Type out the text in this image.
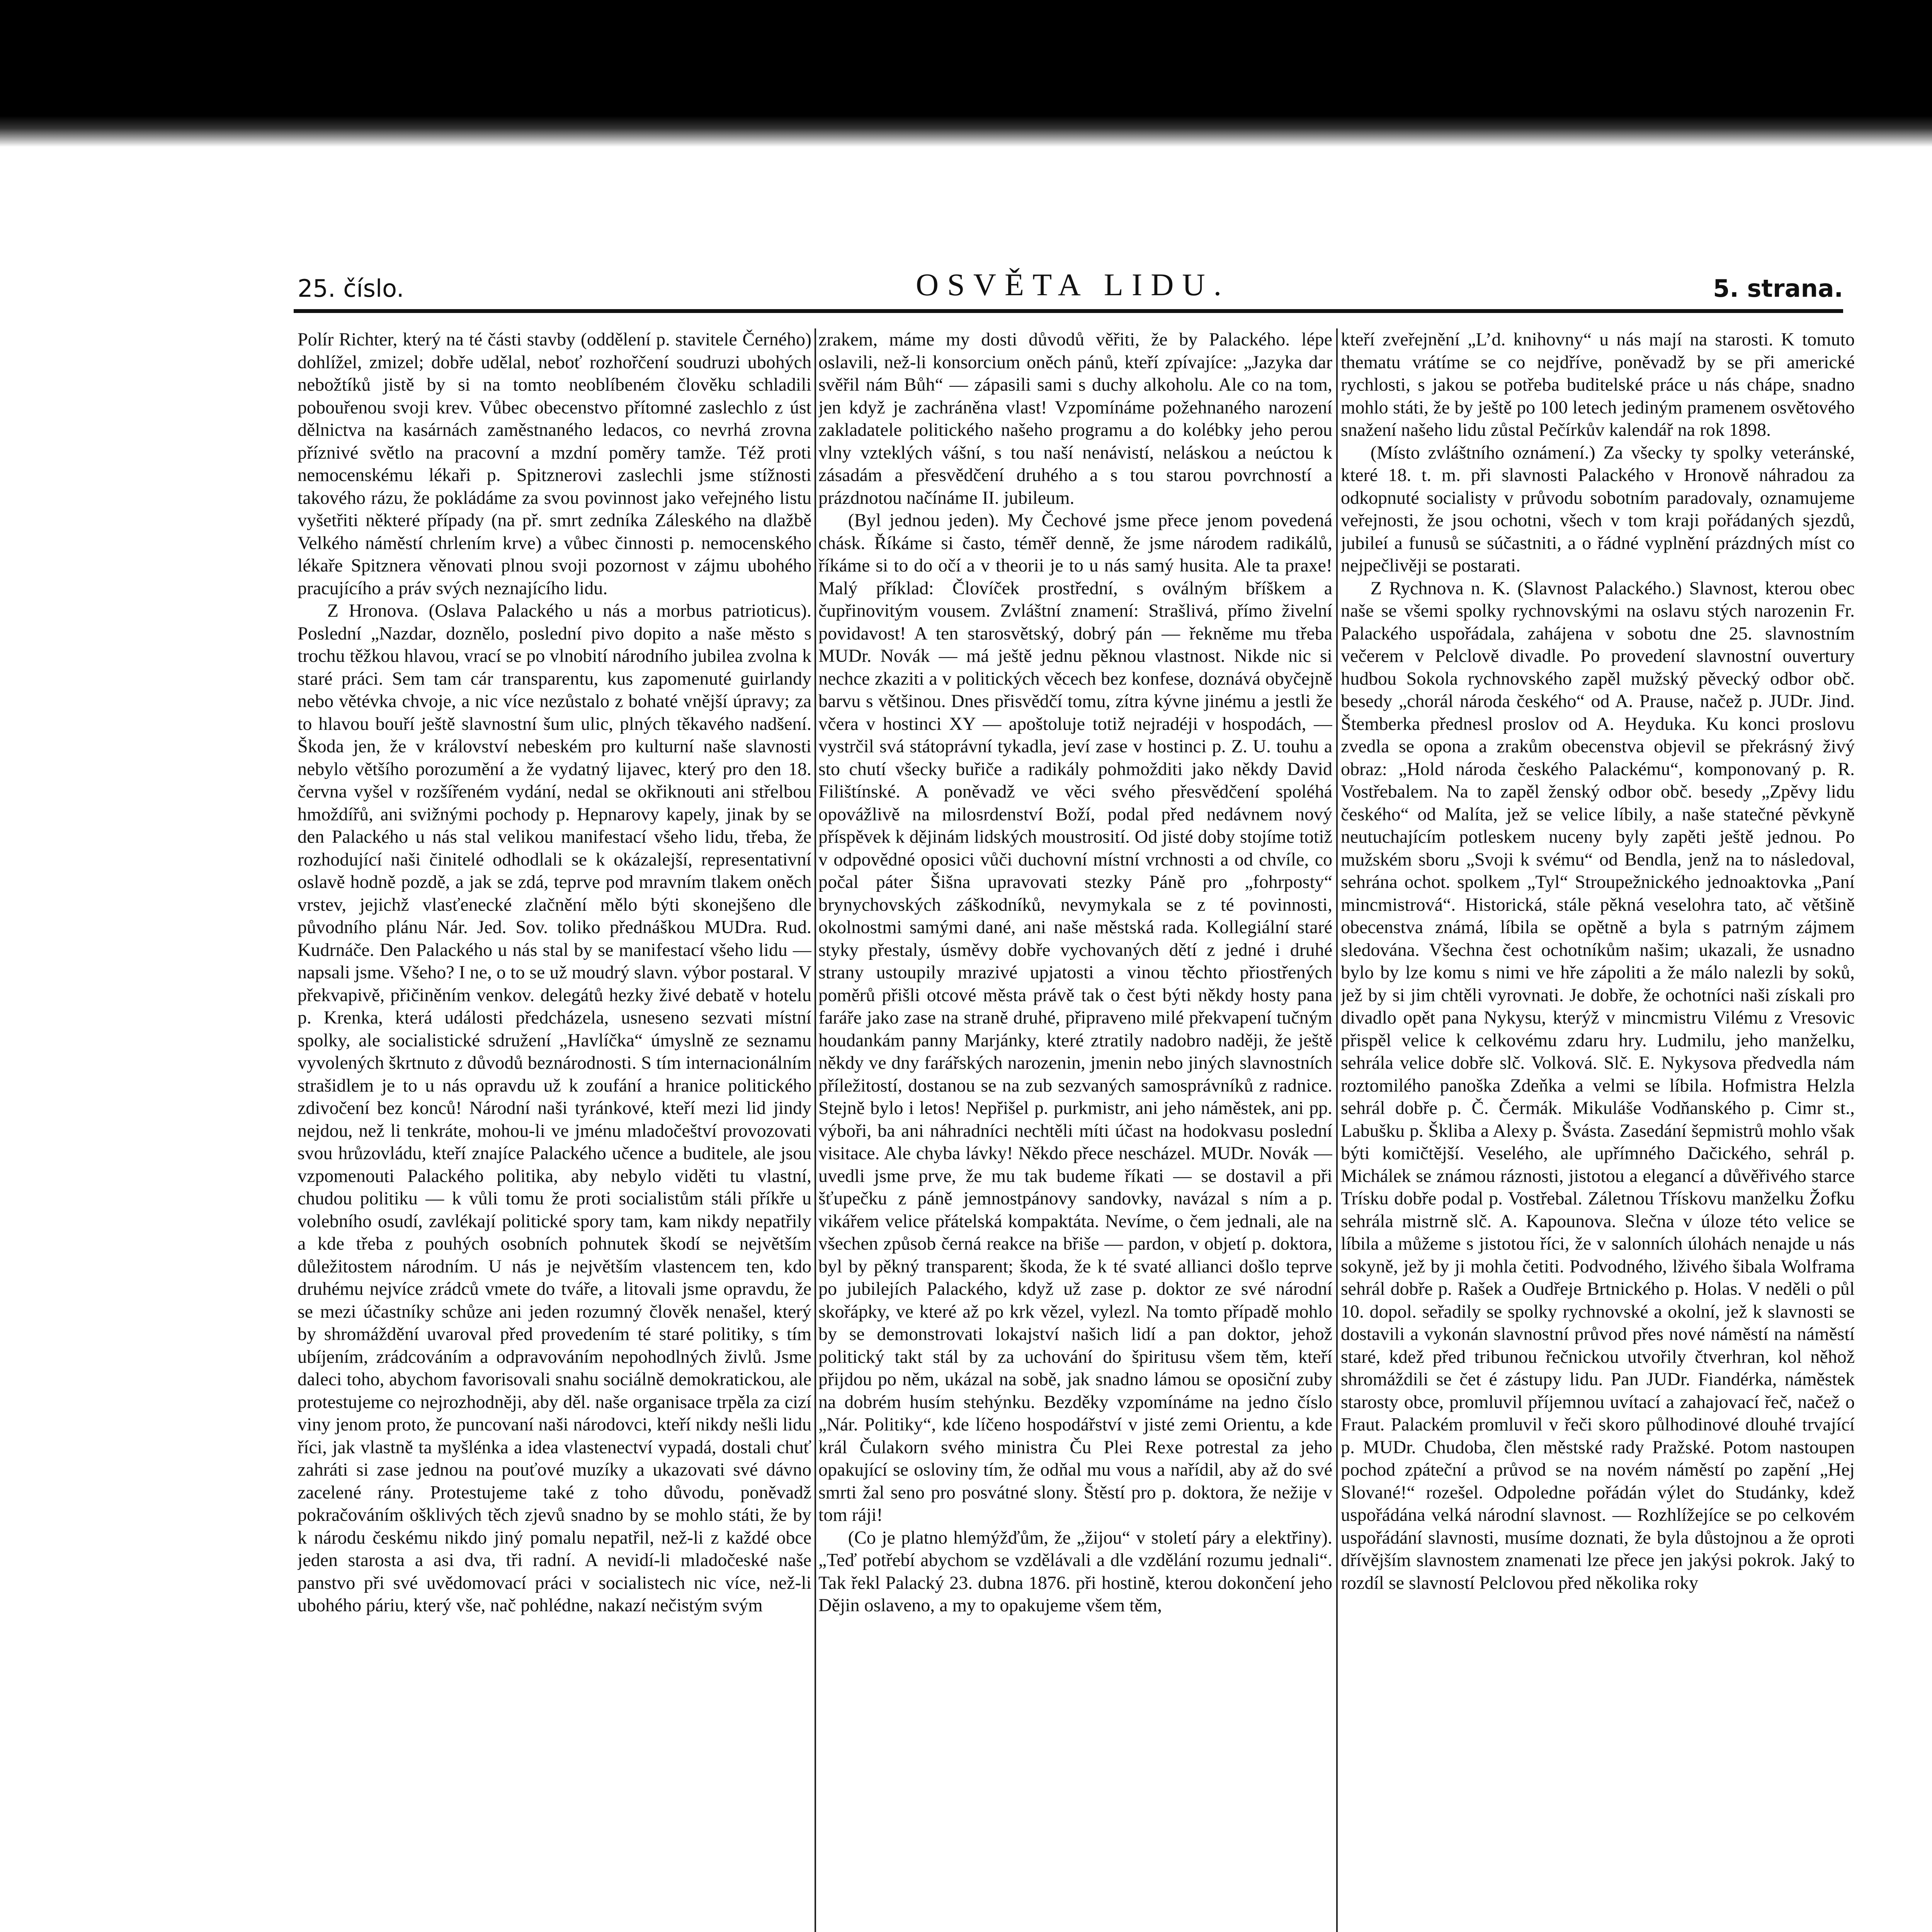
25. číslo.	OSVĚTA LIDU.	5. strana.

Polír Richter, který na té části stavby (oddělení p. stavitele Černého) dohlížel, zmizel; dobře udělal, neboť rozhořčení soudruzi ubohých nebožtíků jistě by si na tomto neoblíbeném člověku schladili pobouřenou svoji krev. Vůbec obecenstvo přítomné zaslechlo z úst dělnictva na kasárnách zaměstnaného ledacos, co nevrhá zrovna příznivé světlo na pracovní a mzdní poměry tamže. Též proti nemocenskému lékaři p. Spitznerovi zaslechli jsme stížnosti takového rázu, že pokládáme za svou povinnost jako veřejného listu vyšetřiti některé případy (na př. smrt zedníka Záleského na dlažbě Velkého náměstí chrlením krve) a vůbec činnosti p. nemocenského lékaře Spitznera věnovati plnou svoji pozornost v zájmu ubohého pracujícího a práv svých neznajícího lidu.

Z Hronova. (Oslava Palackého u nás a morbus patrioticus). Poslední „Nazdar, doznělo, poslední pivo dopito a naše město s trochu těžkou hlavou, vrací se po vlnobití národního jubilea zvolna k staré práci. Sem tam cár transparentu, kus zapomenuté guirlandy nebo větévka chvoje, a nic více nezůstalo z bohaté vnější úpravy; za to hlavou bouří ještě slavnostní šum ulic, plných těkavého nadšení. Škoda jen, že v království nebeském pro kulturní naše slavnosti nebylo většího porozumění a že vydatný lijavec, který pro den 18. června vyšel v rozšířeném vydání, nedal se okřiknouti ani střelbou hmoždířů, ani svižnými pochody p. Hepnarovy kapely, jinak by se den Palackého u nás stal velikou manifestací všeho lidu, třeba, že rozhodující naši činitelé odhodlali se k okázalejší, representativní oslavě hodně pozdě, a jak se zdá, teprve pod mravním tlakem oněch vrstev, jejichž vlasťenecké zlačnění mělo býti skonejšeno dle původního plánu Nár. Jed. Sov. toliko přednáškou MUDra. Rud. Kudrnáče. Den Palackého u nás stal by se manifestací všeho lidu — napsali jsme. Všeho? I ne, o to se už moudrý slavn. výbor postaral. V překvapivě, přičiněním venkov. delegátů hezky živé debatě v hotelu p. Krenka, která události předcházela, usneseno sezvati místní spolky, ale socialistické sdružení „Havlíčka“ úmyslně ze seznamu vyvolených škrtnuto z důvodů beznárodnosti. S tím internacionálním strašidlem je to u nás opravdu už k zoufání a hranice politického zdivočení bez konců! Národní naši tyránkové, kteří mezi lid jindy nejdou, než li tenkráte, mohou-li ve jménu mladočeštví provozovati svou hrůzovládu, kteří znajíce Palackého učence a buditele, ale jsou vzpomenouti Palackého politika, aby nebylo viděti tu vlastní, chudou politiku — k vůli tomu že proti socialistům stáli příkře u volebního osudí, zavlékají politické spory tam, kam nikdy nepatřily a kde třeba z pouhých osobních pohnutek škodí se největším důležitostem národním. U nás je největším vlastencem ten, kdo druhému nejvíce zrádců vmete do tváře, a litovali jsme opravdu, že se mezi účastníky schůze ani jeden rozumný člověk nenašel, který by shromáždění uvaroval před provedením té staré politiky, s tím ubíjením, zrádcováním a odpravováním nepohodlných živlů. Jsme daleci toho, abychom favorisovali snahu sociálně demokratickou, ale protestujeme co nejrozhodněji, aby děl. naše organisace trpěla za cizí viny jenom proto, že puncovaní naši národovci, kteří nikdy nešli lidu říci, jak vlastně ta myšlénka a idea vlastenectví vypadá, dostali chuť zahráti si zase jednou na pouťové muzíky a ukazovati své dávno zacelené rány. Protestujeme také z toho důvodu, poněvadž pokračováním ošklivých těch zjevů snadno by se mohlo státi, že by k národu českému nikdo jiný pomalu nepatřil, než-li z každé obce jeden starosta a asi dva, tři radní. A nevidí-li mladočeské naše panstvo při své uvědomovací práci v socialistech nic více, než-li ubohého páriu, který vše, nač pohlédne, nakazí nečistým svým

zrakem, máme my dosti důvodů věřiti, že by Palackého. lépe oslavili, než-li konsorcium oněch pánů, kteří zpívajíce: „Jazyka dar svěřil nám Bůh“ — zápasili sami s duchy alkoholu. Ale co na tom, jen když je zachráněna vlast! Vzpomínáme požehnaného narození zakladatele politického našeho programu a do kolébky jeho perou vlny vzteklých vášní, s tou naší nenávistí, neláskou a neúctou k zásadám a přesvědčení druhého a s tou starou povrchností a prázdnotou načínáme II. jubileum.

(Byl jednou jeden). My Čechové jsme přece jenom povedená chásk. Říkáme si často, téměř denně, že jsme národem radikálů, říkáme si to do očí a v theorii je to u nás samý husita. Ale ta praxe! Malý příklad: Človíček prostřední, s oválným bříškem a čupřinovitým vousem. Zvláštní znamení: Strašlivá, přímo živelní povidavost! A ten starosvětský, dobrý pán — řekněme mu třeba MUDr. Novák — má ještě jednu pěknou vlastnost. Nikde nic si nechce zkaziti a v politických věcech bez konfese, doznává obyčejně barvu s většinou. Dnes přisvědčí tomu, zítra kývne jinému a jestli že včera v hostinci XY — apoštoluje totiž nejradéji v hospodách, — vystrčil svá státoprávní tykadla, jeví zase v hostinci p. Z. U. touhu a sto chutí všecky buřiče a radikály pohmožditi jako někdy David Filištínské. A poněvadž ve věci svého přesvědčení spoléhá opovážlivě na milosrdenství Boží, podal před nedávnem nový příspěvek k dějinám lidských moustrosití. Od jisté doby stojíme totiž v odpovědné oposici vůči duchovní místní vrchnosti a od chvíle, co počal páter Šišna upravovati stezky Páně pro „fohrposty“ brynychovských záškodníků, nevymykala se z té povinnosti, okolnostmi samými dané, ani naše městská rada. Kollegiální staré styky přestaly, úsměvy dobře vychovaných dětí z jedné i druhé strany ustoupily mrazivé upjatosti a vinou těchto přiostřených poměrů přišli otcové města právě tak o čest býti někdy hosty pana faráře jako zase na straně druhé, připraveno milé překvapení tučným houdankám panny Marjánky, které ztratily nadobro naději, že ještě někdy ve dny farářských narozenin, jmenin nebo jiných slavnostních příležitostí, dostanou se na zub sezvaných samosprávníků z radnice. Stejně bylo i letos! Nepřišel p. purkmistr, ani jeho náměstek, ani pp. výboři, ba ani náhradníci nechtěli míti účast na hodokvasu poslední visitace. Ale chyba lávky! Někdo přece nescházel. MUDr. Novák — uvedli jsme prve, že mu tak budeme říkati — se dostavil a při šťupečku z páně jemnostpánovy sandovky, navázal s ním a p. vikářem velice přátelská kompaktáta. Nevíme, o čem jednali, ale na všechen způsob černá reakce na břiše — pardon, v objetí p. doktora, byl by pěkný transparent; škoda, že k té svaté allianci došlo teprve po jubilejích Palackého, když už zase p. doktor ze své národní skořápky, ve které až po krk vězel, vylezl. Na tomto případě mohlo by se demonstrovati lokajství našich lidí a pan doktor, jehož politický takt stál by za uchování do špiritusu všem těm, kteří přijdou po něm, ukázal na sobě, jak snadno lámou se oposiční zuby na dobrém husím stehýnku. Bezděky vzpomínáme na jedno číslo „Nár. Politiky“, kde líčeno hospodářství v jisté zemi Orientu, a kde král Čulakorn svého ministra Ču Plei Rexe potrestal za jeho opakující se osloviny tím, že odňal mu vous a nařídil, aby až do své smrti žal seno pro posvátné slony. Štěstí pro p. doktora, že nežije v tom ráji!

(Co je platno hlemýžďům, že „žijou“ v století páry a elektřiny). „Teď potřebí abychom se vzdělávali a dle vzdělání rozumu jednali“. Tak řekl Palacký 23. dubna 1876. při hostině, kterou dokončení jeho Dějin oslaveno, a my to opakujeme všem těm,

kteří zveřejnění „L’d. knihovny“ u nás mají na starosti. K tomuto thematu vrátíme se co nejdříve, poněvadž by se při americké rychlosti, s jakou se potřeba buditelské práce u nás chápe, snadno mohlo státi, že by ještě po 100 letech jediným pramenem osvětového snažení našeho lidu zůstal Pečírkův kalendář na rok 1898.

(Místo zvláštního oznámení.) Za všecky ty spolky veteránské, které 18. t. m. při slavnosti Palackého v Hronově náhradou za odkopnuté socialisty v průvodu sobotním paradovaly, oznamujeme veřejnosti, že jsou ochotni, všech v tom kraji pořádaných sjezdů, jubileí a funusů se súčastniti, a o řádné vyplnění prázdných míst co nejpečlivěji se postarati.

Z Rychnova n. K. (Slavnost Palackého.) Slavnost, kterou obec naše se všemi spolky rychnovskými na oslavu stých narozenin Fr. Palackého uspořádala, zahájena v sobotu dne 25. slavnostním večerem v Pelclově divadle. Po provedení slavnostní ouvertury hudbou Sokola rychnovského zapěl mužský pěvecký odbor obč. besedy „chorál národa českého“ od A. Prause, načež p. JUDr. Jind. Štemberka přednesl proslov od A. Heyduka. Ku konci proslovu zvedla se opona a zrakům obecenstva objevil se překrásný živý obraz: „Hold národa českého Palackému“, komponovaný p. R. Vostřebalem. Na to zapěl ženský odbor obč. besedy „Zpěvy lidu českého“ od Malíta, jež se velice líbily, a naše statečné pěvkyně neutuchajícím potleskem nuceny byly zapěti ještě jednou. Po mužském sboru „Svoji k svému“ od Bendla, jenž na to následoval, sehrána ochot. spolkem „Tyl“ Stroupežnického jednoaktovka „Paní mincmistrová“. Historická, stále pěkná veselohra tato, ač většině obecenstva známá, líbila se opětně a byla s patrným zájmem sledována. Všechna čest ochotníkům našim; ukazali, že usnadno bylo by lze komu s nimi ve hře zápoliti a že málo nalezli by soků, jež by si jim chtěli vyrovnati. Je dobře, že ochotníci naši získali pro divadlo opět pana Nykysu, kterýž v mincmistru Vilému z Vresovic přispěl velice k celkovému zdaru hry. Ludmilu, jeho manželku, sehrála velice dobře slč. Volková. Slč. E. Nykysova předvedla nám roztomilého panoška Zdeňka a velmi se líbila. Hofmistra Helzla sehrál dobře p. Č. Čermák. Mikuláše Vodňanského p. Cimr st., Labušku p. Škliba a Alexy p. Švásta. Zasedání šepmistrů mohlo však býti komičtější. Veselého, ale upřímného Dačického, sehrál p. Michálek se známou ráznosti, jistotou a elegancí a důvěřivého starce Trísku dobře podal p. Vostřebal. Záletnou Třískovu manželku Žofku sehrála mistrně slč. A. Kapounova. Slečna v úloze této velice se líbila a můžeme s jistotou říci, že v salonních úlohách nenajde u nás sokyně, jež by ji mohla četiti. Podvodného, lživého šibala Wolframa sehrál dobře p. Rašek a Oudřeje Brtnického p. Holas. V neděli o půl 10. dopol. seřadily se spolky rychnovské a okolní, jež k slavnosti se dostavili a vykonán slavnostní průvod přes nové náměstí na náměstí staré, kdež před tribunou řečnickou utvořily čtverhran, kol něhož shromáždili se čet é zástupy lidu. Pan JUDr. Fiandérka, náměstek starosty obce, promluvil příjemnou uvítací a zahajovací řeč, načež o Fraut. Palackém promluvil v řeči skoro půlhodinové dlouhé trvající p. MUDr. Chudoba, člen městské rady Pražské. Potom nastoupen pochod zpáteční a průvod se na novém náměstí po zapění „Hej Slované!“ rozešel. Odpoledne pořádán výlet do Studánky, kdež uspořádána velká národní slavnost. — Rozhlížejíce se po celkovém uspořádání slavnosti, musíme doznati, že byla důstojnou a že oproti dřívějším slavnostem znamenati lze přece jen jakýsi pokrok. Jaký to rozdíl se slavností Pelclovou před několika roky
